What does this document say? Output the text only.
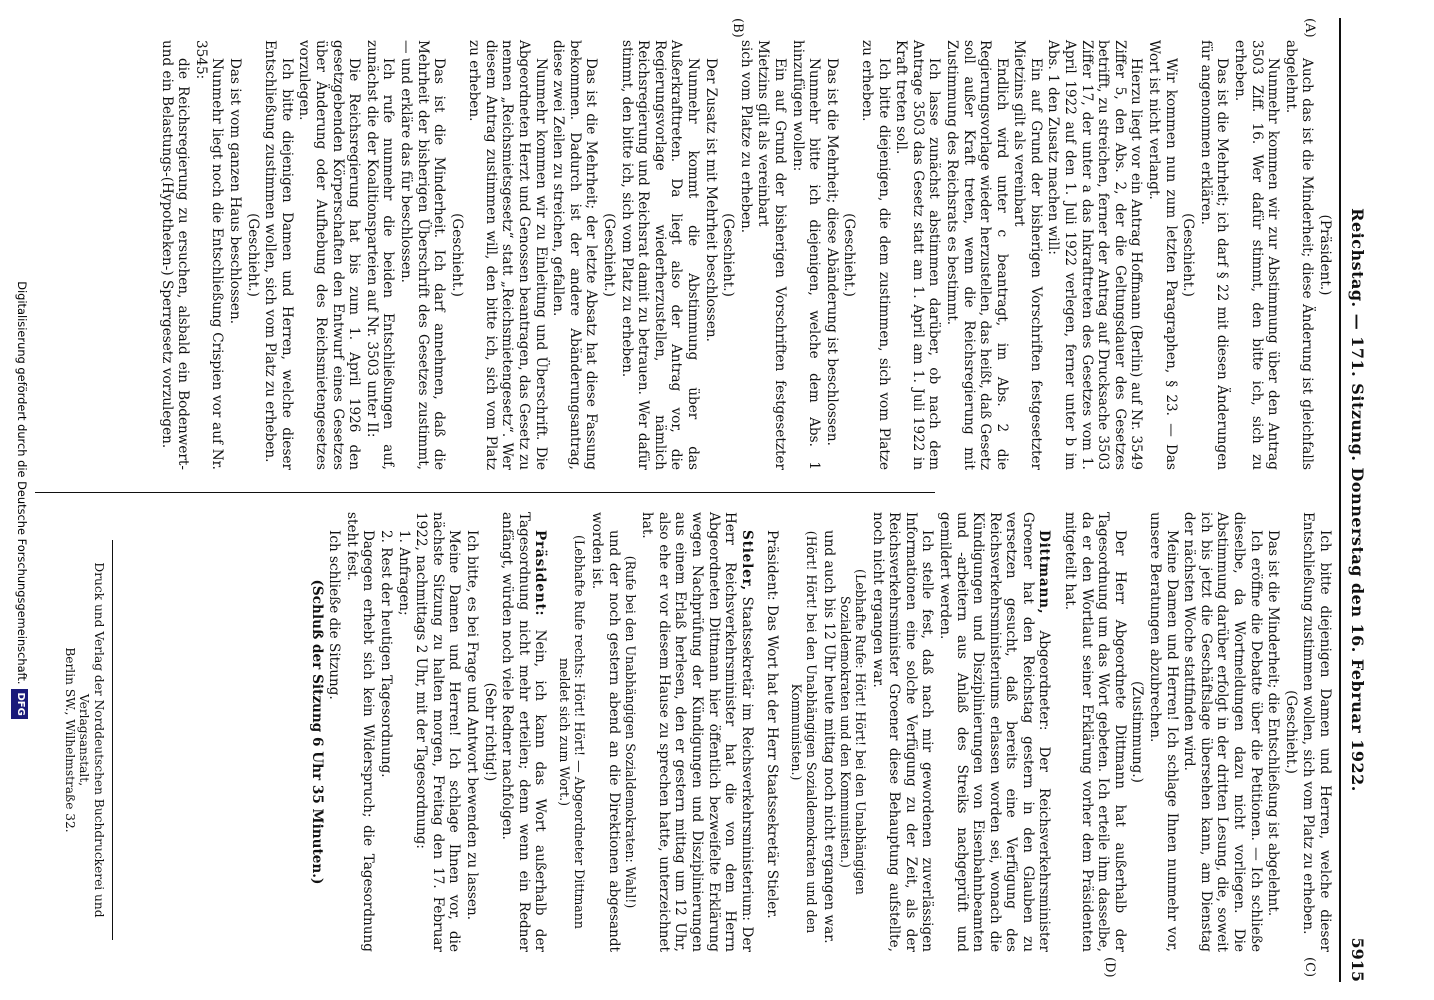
Reichstag. — 171. Sitzung. Donnerstag den 16. Februar 1922.
5915
(A)
(B)
(C)
(D)

(Präsident.)

Auch das ist die Minderheit; diese Änderung ist gleichfalls abgelehnt.

Nunmehr kommen wir zur Abstimmung über den Antrag 3503 Ziff. 16. Wer dafür stimmt, den bitte ich, sich zu erheben.

Das ist die Mehrheit; ich darf § 22 mit diesen Änderungen für angenommen erklären.

(Geschieht.)

Wir kommen nun zum letzten Paragraphen, § 23. — Das Wort ist nicht verlangt.

Hierzu liegt vor ein Antrag Hoffmann (Berlin) auf Nr. 3549 Ziffer 5, den Abs. 2, der die Geltungsdauer des Gesetzes betrifft, zu streichen, ferner der Antrag auf Drucksache 3503 Ziffer 17, der unter a das Inkrafttreten des Gesetzes vom 1. April 1922 auf den 1. Juli 1922 verlegen, ferner unter b im Abs. 1 den Zusatz machen will:

Ein auf Grund der bisherigen Vorschriften festgesetzter Mietzins gilt als vereinbart

Endlich wird unter c beantragt, im Abs. 2 die Regierungsvorlage wieder herzustellen, das heißt, daß Gesetz soll außer Kraft treten, wenn die Reichsregierung mit Zustimmung des Reichsrats es bestimmt.

Ich lasse zunächst abstimmen darüber, ob nach dem Antrage 3503 das Gesetz statt am 1. April am 1. Juli 1922 in Kraft treten soll.

Ich bitte diejenigen, die dem zustimmen, sich vom Platze zu erheben.

(Geschieht.)

Das ist die Mehrheit; diese Abänderung ist beschlossen.

Nunmehr bitte ich diejenigen, welche dem Abs. 1 hinzufügen wollen:

Ein auf Grund der bisherigen Vorschriften festgesetzter Mietzins gilt als vereinbart

sich vom Platze zu erheben.

(Geschieht.)

Der Zusatz ist mit Mehrheit beschlossen.

Nunmehr kommt die Abstimmung über das Außerkrafttreten. Da liegt also der Antrag vor, die Regierungsvorlage wiederherzustellen, nämlich Reichsregierung und Reichsrat damit zu betrauen. Wer dafür stimmt, den bitte ich, sich vom Platz zu erheben.

(Geschieht.)

Das ist die Mehrheit; der letzte Absatz hat diese Fassung bekommen. Dadurch ist der andere Abänderungsantrag, diese zwei Zeilen zu streichen, gefallen.

Nunmehr kommen wir zu Einleitung und Überschrift. Die Abgeordneten Herzt und Genossen beantragen, das Gesetz zu nennen „Reichsmietsgesetz“ statt „Reichsmietengesetz“. Wer diesem Antrag zustimmen will, den bitte ich, sich vom Platz zu erheben.

(Geschieht.)

Das ist die Minderheit. Ich darf annehmen, daß die Mehrheit der bisherigen Überschrift des Gesetzes zustimmt, — und erkläre das für beschlossen.

Ich rufe nunmehr die beiden Entschließungen auf, zunächst die der Koalitionsparteien auf Nr. 3503 unter II:

Die Reichsregierung hat bis zum 1. April 1926 den gesetzgebenden Körperschaften den Entwurf eines Gesetzes über Änderung oder Aufhebung des Reichsmietengesetzes vorzulegen.

Ich bitte diejenigen Damen und Herren, welche dieser Entschließung zustimmen wollen, sich vom Platz zu erheben.

(Geschieht.)

Das ist vom ganzen Haus beschlossen.

Nunmehr liegt noch die Entschließung Crispien vor auf Nr. 3545:

die Reichsregierung zu ersuchen, alsbald ein Bodenwert- und ein Belastungs-(Hypotheken-) Sperrgesetz vorzulegen.

Ich bitte diejenigen Damen und Herren, welche dieser Entschließung zustimmen wollen, sich vom Platz zu erheben.

(Geschieht.)

Das ist die Minderheit; die Entschließung ist abgelehnt.

Ich eröffne die Debatte über die Petitionen. — Ich schließe dieselbe, da Wortmeldungen dazu nicht vorliegen. Die Abstimmung darüber erfolgt in der dritten Lesung, die, soweit ich bis jetzt die Geschäftslage übersehen kann, am Dienstag der nächsten Woche stattfinden wird.

Meine Damen und Herren! Ich schlage Ihnen nunmehr vor, unsere Beratungen abzubrechen.

(Zustimmung.)

Der Herr Abgeordnete Dittmann hat außerhalb der Tagesordnung um das Wort gebeten. Ich erteile ihm dasselbe, da er den Wortlaut seiner Erklärung vorher dem Präsidenten mitgeteilt hat.

Dittmann, Abgeordneter: Der Reichsverkehrsminister Groener hat den Reichstag gestern in den Glauben zu versetzen gesucht, daß bereits eine Verfügung des Reichsverkehrsministeriums erlassen worden sei, wonach die Kündigungen und Disziplinierungen von Eisenbahnbeamten und -arbeitern aus Anlaß des Streiks nachgeprüft und gemildert werden.

Ich stelle fest, daß nach mir gewordenen zuverlässigen Informationen eine solche Verfügung zu der Zeit, als der Reichsverkehrsminister Groener diese Behauptung aufstellte, noch nicht ergangen war.

(Lebhafte Rufe: Hört! Hört! bei den Unabhängigen Sozialdemokraten und den Kommunisten.)

und auch bis 12 Uhr heute mittag noch nicht ergangen war.

(Hört! Hört! bei den Unabhängigen Sozialdemokraten und den Kommunisten.)

Präsident: Das Wort hat der Herr Staatssekretär Stieler.

Stieler, Staatssekretär im Reichsverkehrsministerium: Der Herr Reichsverkehrsminister hat die von dem Herrn Abgeordneten Dittmann hier öffentlich bezweifelte Erklärung wegen Nachprüfung der Kündigungen und Disziplinierungen aus einem Erlaß herlesen, den er gestern mittag um 12 Uhr, also ehe er vor diesem Hause zu sprechen hatte, unterzeichnet hat.

(Rufe bei den Unabhängigen Sozialdemokraten: Wahl!)

und der noch gestern abend an die Direktionen abgesandt worden ist.

(Lebhafte Rufe rechts: Hört! Hört! — Abgeordneter Dittmann meldet sich zum Wort.)

Präsident: Nein, ich kann das Wort außerhalb der Tagesordnung nicht mehr erteilen; denn wenn ein Redner anfängt, würden noch viele Redner nachfolgen.

(Sehr richtig!)

Ich bitte, es bei Frage und Antwort bewenden zu lassen.

Meine Damen und Herren! Ich schlage Ihnen vor, die nächste Sitzung zu halten morgen, Freitag den 17. Februar 1922, nachmittags 2 Uhr, mit der Tagesordnung:

1. Anfragen;

2. Rest der heutigen Tagesordnung.

Dagegen erhebt sich kein Widerspruch; die Tagesordnung steht fest.

Ich schließe die Sitzung.

(Schluß der Sitzung 6 Uhr 35 Minuten.)

Druck und Verlag der Norddeutschen Buchdruckerei und Verlagsanstalt,
Berlin SW., Wilhelmstraße 32.
Digitalisierung gefördert durch die Deutsche Forschungsgemeinschaft.DFG
